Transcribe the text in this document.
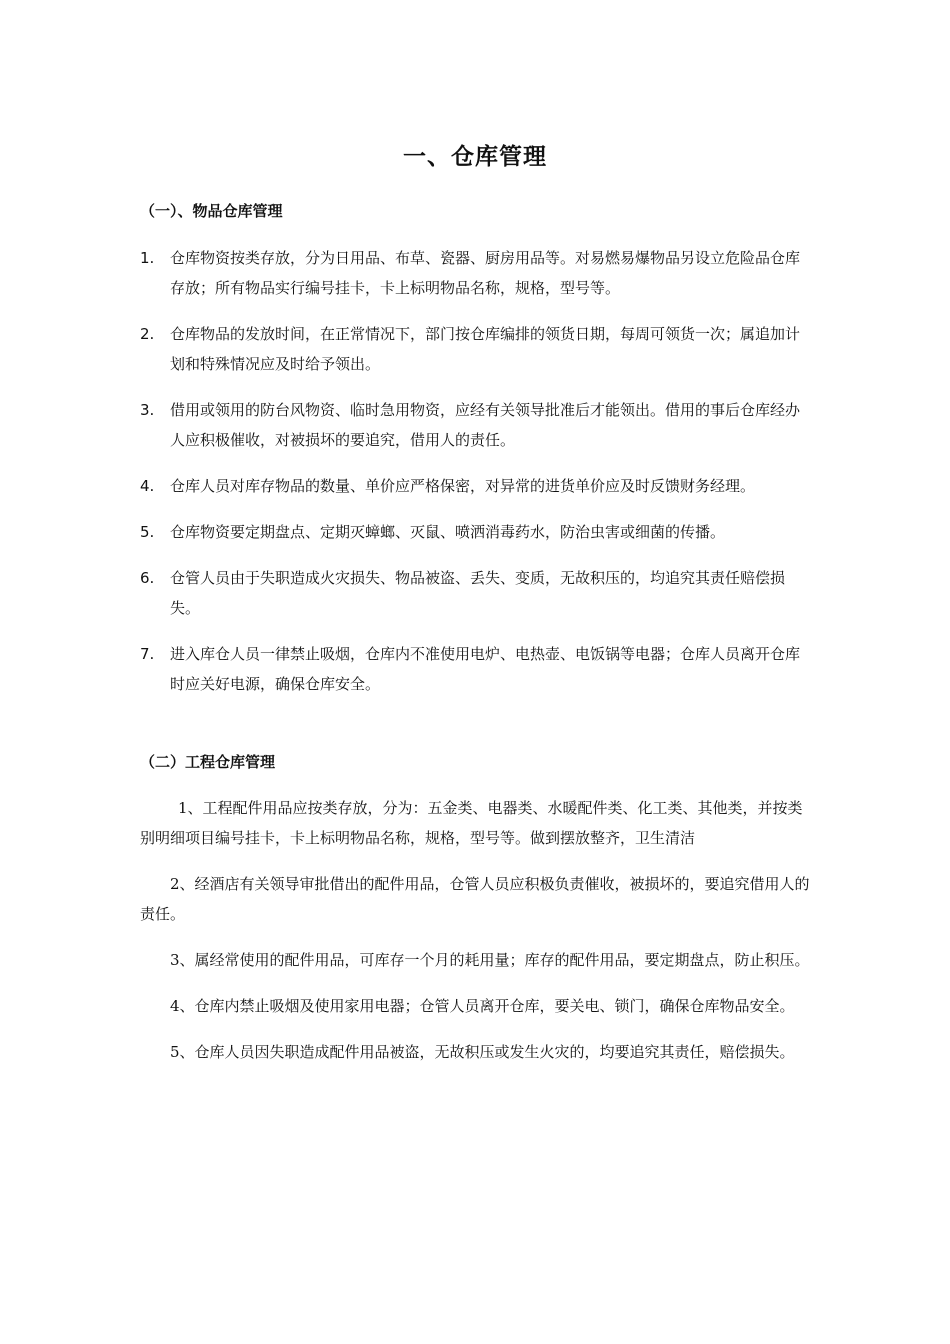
一、仓库管理
（一）、物品仓库管理
1. 仓库物资按类存放，分为日用品、布草、瓷器、厨房用品等。对易燃易爆物品另设立危险品仓库存放；所有物品实行编号挂卡，卡上标明物品名称，规格，型号等。
2. 仓库物品的发放时间，在正常情况下，部门按仓库编排的领货日期，每周可领货一次；属追加计划和特殊情况应及时给予领出。
3. 借用或领用的防台风物资、临时急用物资，应经有关领导批准后才能领出。借用的事后仓库经办人应积极催收，对被损坏的要追究，借用人的责任。
4. 仓库人员对库存物品的数量、单价应严格保密，对异常的进货单价应及时反馈财务经理。
5. 仓库物资要定期盘点、定期灭蟑螂、灭鼠、喷洒消毒药水，防治虫害或细菌的传播。
6. 仓管人员由于失职造成火灾损失、物品被盗、丢失、变质，无故积压的，均追究其责任赔偿损失。
7. 进入库仓人员一律禁止吸烟，仓库内不准使用电炉、电热壶、电饭锅等电器；仓库人员离开仓库时应关好电源，确保仓库安全。
（二）工程仓库管理

1、工程配件用品应按类存放，分为：五金类、电器类、水暖配件类、化工类、其他类，并按类别明细项目编号挂卡，卡上标明物品名称，规格，型号等。做到摆放整齐，卫生清洁

2、经酒店有关领导审批借出的配件用品，仓管人员应积极负责催收，被损坏的，要追究借用人的责任。

3、属经常使用的配件用品，可库存一个月的耗用量；库存的配件用品，要定期盘点，防止积压。

4、仓库内禁止吸烟及使用家用电器；仓管人员离开仓库，要关电、锁门，确保仓库物品安全。

5、仓库人员因失职造成配件用品被盗，无故积压或发生火灾的，均要追究其责任，赔偿损失。
